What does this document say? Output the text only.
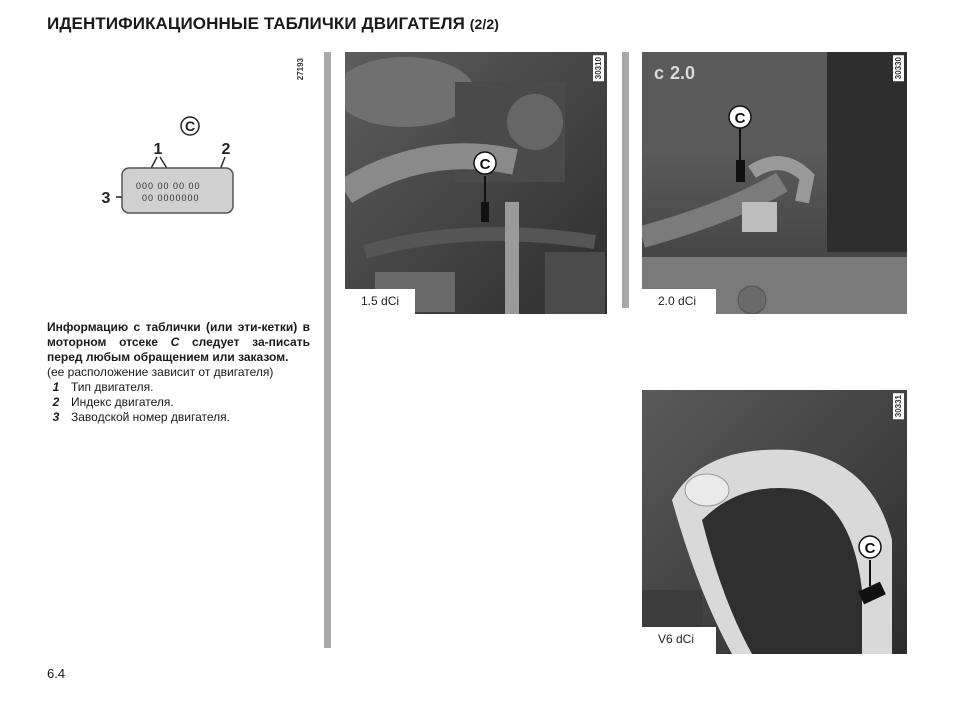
ИДЕНТИФИКАЦИОННЫЕ ТАБЛИЧКИ ДВИГАТЕЛЯ (2/2)
27193
C
1	2
3
000 00 00 00
00 0000000
Информацию с таблички (или эти-кетки) в моторном отсеке C следует за-писать перед любым обращением или заказом.
(ее расположение зависит от двигателя)
1 Тип двигателя.
2 Индекс двигателя.
3 Заводской номер двигателя.
C
30310
1.5 dCi
c 2.0
C
30330
2.0 dCi
C
30331
V6 dCi
6.4
